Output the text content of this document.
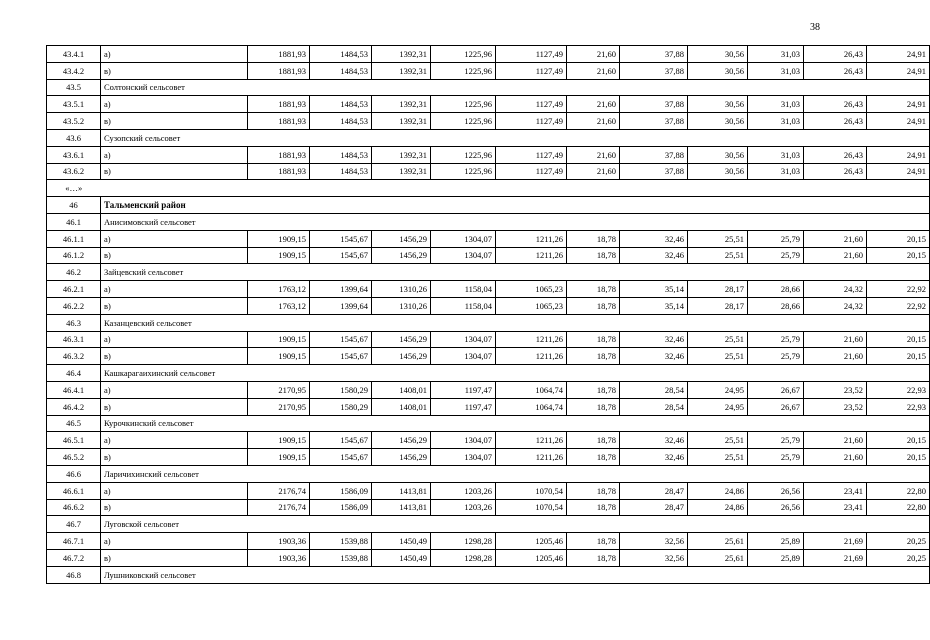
38
43.4.1	а)	1881,93	1484,53	1392,31	1225,96	1127,49	21,60	37,88	30,56	31,03	26,43	24,91
43.4.2	в)	1881,93	1484,53	1392,31	1225,96	1127,49	21,60	37,88	30,56	31,03	26,43	24,91
43.5	Солтонский сельсовет											
43.5.1	а)	1881,93	1484,53	1392,31	1225,96	1127,49	21,60	37,88	30,56	31,03	26,43	24,91
43.5.2	в)	1881,93	1484,53	1392,31	1225,96	1127,49	21,60	37,88	30,56	31,03	26,43	24,91
43.6	Сузопский сельсовет											
43.6.1	а)	1881,93	1484,53	1392,31	1225,96	1127,49	21,60	37,88	30,56	31,03	26,43	24,91
43.6.2	в)	1881,93	1484,53	1392,31	1225,96	1127,49	21,60	37,88	30,56	31,03	26,43	24,91
«…»												
46	Тальменский район											
46.1	Анисимовский сельсовет											
46.1.1	а)	1909,15	1545,67	1456,29	1304,07	1211,26	18,78	32,46	25,51	25,79	21,60	20,15
46.1.2	в)	1909,15	1545,67	1456,29	1304,07	1211,26	18,78	32,46	25,51	25,79	21,60	20,15
46.2	Зайцевский сельсовет											
46.2.1	а)	1763,12	1399,64	1310,26	1158,04	1065,23	18,78	35,14	28,17	28,66	24,32	22,92
46.2.2	в)	1763,12	1399,64	1310,26	1158,04	1065,23	18,78	35,14	28,17	28,66	24,32	22,92
46.3	Казанцевский сельсовет											
46.3.1	а)	1909,15	1545,67	1456,29	1304,07	1211,26	18,78	32,46	25,51	25,79	21,60	20,15
46.3.2	в)	1909,15	1545,67	1456,29	1304,07	1211,26	18,78	32,46	25,51	25,79	21,60	20,15
46.4	Кашкарагаихинский сельсовет											
46.4.1	а)	2170,95	1580,29	1408,01	1197,47	1064,74	18,78	28,54	24,95	26,67	23,52	22,93
46.4.2	в)	2170,95	1580,29	1408,01	1197,47	1064,74	18,78	28,54	24,95	26,67	23,52	22,93
46.5	Курочкинский сельсовет											
46.5.1	а)	1909,15	1545,67	1456,29	1304,07	1211,26	18,78	32,46	25,51	25,79	21,60	20,15
46.5.2	в)	1909,15	1545,67	1456,29	1304,07	1211,26	18,78	32,46	25,51	25,79	21,60	20,15
46.6	Ларичихинский сельсовет											
46.6.1	а)	2176,74	1586,09	1413,81	1203,26	1070,54	18,78	28,47	24,86	26,56	23,41	22,80
46.6.2	в)	2176,74	1586,09	1413,81	1203,26	1070,54	18,78	28,47	24,86	26,56	23,41	22,80
46.7	Луговской сельсовет											
46.7.1	а)	1903,36	1539,88	1450,49	1298,28	1205,46	18,78	32,56	25,61	25,89	21,69	20,25
46.7.2	в)	1903,36	1539,88	1450,49	1298,28	1205,46	18,78	32,56	25,61	25,89	21,69	20,25
46.8	Лушниковский сельсовет											
